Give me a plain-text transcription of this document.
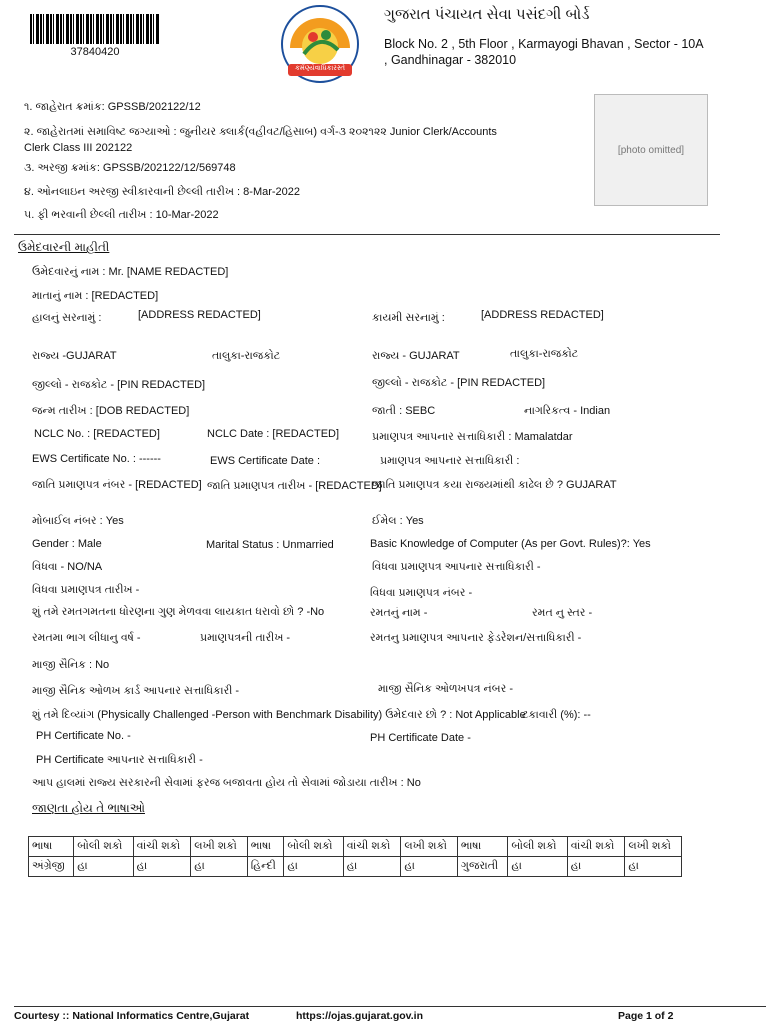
37840420
કર્મણ્યેવાધિકારસ્તે
ગુજરાત પંચાયત સેવા પસંદગી બોર્ડ
Block No. 2 , 5th Floor , Karmayogi Bhavan , Sector - 10A
, Gandhinagar - 382010
૧. જાહેરાત ક્રમાંક: GPSSB/202122/12
૨. જાહેરાતમાં સમાવિષ્ટ જગ્યાઓ : જુનીયર ક્લાર્ક(વહીવટ/હિસાબ) વર્ગ-૩ ૨૦૨૧૨૨ Junior Clerk/Accounts
Clerk Class III 202122
૩. અરજી ક્રમાંક: GPSSB/202122/12/569748
૪. ઓનલાઇન અરજી સ્વીકારવાની છેલ્લી તારીખ : 8-Mar-2022
૫. ફી ભરવાની છેલ્લી તારીખ : 10-Mar-2022
[photo omitted]
ઉમેદવારની માહીતી
ઉમેદવારનું નામ : Mr. [NAME REDACTED]
માતાનું નામ : [REDACTED]
હાલનું સરનામું :	[ADDRESS REDACTED]	કાયમી સરનામું :	[ADDRESS REDACTED]
રાજ્ય -GUJARAT	તાલુકા-રાજકોટ	રાજ્ય - GUJARAT	તાલુકા-રાજકોટ
જીલ્લો - રાજકોટ - [PIN REDACTED]	જીલ્લો - રાજકોટ - [PIN REDACTED]
જન્મ તારીખ : [DOB REDACTED]	જાતી : SEBC	નાગરિકત્વ - Indian
NCLC No. : [REDACTED]	NCLC Date : [REDACTED]	પ્રમાણપત્ર આપનાર સત્તાધિકારી : Mamalatdar
EWS Certificate No. : ------	EWS Certificate Date :	પ્રમાણપત્ર આપનાર સત્તાધિકારી :
જાતિ પ્રમાણપત્ર નંબર - [REDACTED] જાતિ પ્રમાણપત્ર તારીખ - [REDACTED]
જાતિ પ્રમાણપત્ર કયા રાજયમાંથી કાઢેલ છે ? GUJARAT
મોબાઈલ નંબર : Yes	ઈમેલ : Yes
Gender : Male	Marital Status : Unmarried	Basic Knowledge of Computer (As per Govt. Rules)?: Yes
વિધવા - NO/NA	વિધવા પ્રમાણપત્ર આપનાર સત્તાધિકારી -
વિધવા પ્રમાણપત્ર તારીખ -	વિધવા પ્રમાણપત્ર નંબર -
શું તમે રમતગમતના ધોરણના ગુણ મેળવવા લાયકાત ધરાવો છો ? -No	રમતનું નામ -	રમત નુ સ્તર -
રમતમા ભાગ લીધાનુ વર્ષ -	પ્રમાણપત્રની તારીખ -	રમતનુ પ્રમાણપત્ર આપનાર ફેડરેશન/સત્તાધિકારી -
માજી સૈનિક : No
માજી સૈનિક ઓળખ કાર્ડ આપનાર સત્તાધિકારી -	માજી સૈનિક ઓળખપત્ર નંબર -
શું તમે દિવ્યાંગ (Physically Challenged -Person with Benchmark Disability) ઉમેદવાર છો ? : Not Applicable
ટકાવારી (%): --
PH Certificate No. -	PH Certificate Date -
PH Certificate આપનાર સત્તાધિકારી -
આપ હાલમાં રાજ્ય સરકારની સેવામાં ફરજ બજાવતા હોય તો સેવામાં જોડાયા તારીખ : No
જાણતા હોય તે ભાષાઓ
ભાષા	બોલી શકો	વાંચી શકો	લખી શકો	ભાષા	બોલી શકો	વાંચી શકો	લખી શકો	ભાષા	બોલી શકો	વાંચી શકો	લખી શકો
અંગ્રેજી	હા	હા	હા	હિન્દી	હા	હા	હા	ગુજરાતી	હા	હા	હા
Courtesy :: National Informatics Centre,Gujarat	https://ojas.gujarat.gov.in	Page 1 of 2
